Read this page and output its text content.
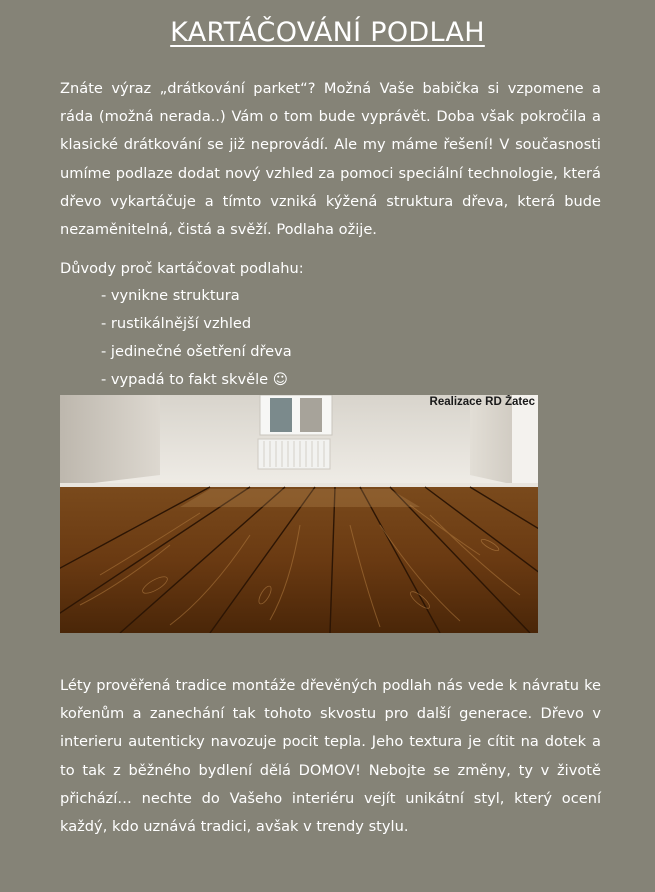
KARTÁČOVÁNÍ PODLAH

Znáte výraz „drátkování parket“? Možná Vaše babička si vzpomene a ráda (možná nerada..) Vám o tom bude vyprávět. Doba však pokročila a klasické drátkování se již neprovádí. Ale my máme řešení! V současnosti umíme podlaze dodat nový vzhled za pomoci speciální technologie, která dřevo vykartáčuje a tímto vzniká kýžená struktura dřeva, která bude nezaměnitelná, čistá a svěží. Podlaha ožije.

Důvody proč kartáčovat podlahu:

- vynikne struktura
- rustikálnější vzhled
- jedinečné ošetření dřeva
- vypadá to fakt skvěle ☺
Realizace RD Žatec

Léty prověřená tradice montáže dřevěných podlah nás vede k návratu ke kořenům a zanechání tak tohoto skvostu pro další generace. Dřevo v interieru autenticky navozuje pocit tepla. Jeho textura je cítit na dotek a to tak z běžného bydlení dělá DOMOV! Nebojte se změny, ty v životě přichází… nechte do Vašeho interiéru vejít unikátní styl, který ocení každý, kdo uznává tradici, avšak v trendy stylu.
